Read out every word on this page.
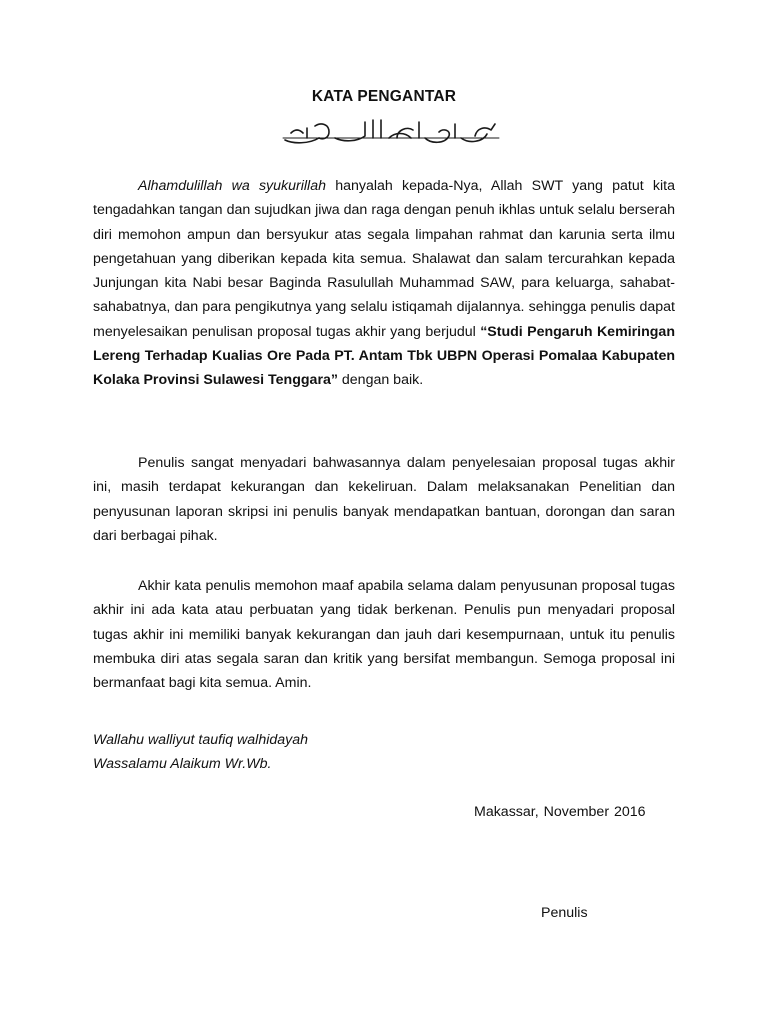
KATA PENGANTAR

Alhamdulillah wa syukurillah hanyalah kepada-Nya, Allah SWT yang patut kita tengadahkan tangan dan sujudkan jiwa dan raga dengan penuh ikhlas untuk selalu berserah diri memohon ampun dan bersyukur atas segala limpahan rahmat dan karunia serta ilmu pengetahuan yang diberikan kepada kita semua. Shalawat dan salam tercurahkan kepada Junjungan kita Nabi besar Baginda Rasulullah Muhammad SAW, para keluarga, sahabat-sahabatnya, dan para pengikutnya yang selalu istiqamah dijalannya. sehingga penulis dapat menyelesaikan penulisan proposal tugas akhir yang berjudul “Studi Pengaruh Kemiringan Lereng Terhadap Kualias Ore Pada PT. Antam Tbk UBPN Operasi Pomalaa Kabupaten Kolaka Provinsi Sulawesi Tenggara” dengan baik.

Penulis sangat menyadari bahwasannya dalam penyelesaian proposal tugas akhir ini, masih terdapat kekurangan dan kekeliruan. Dalam melaksanakan Penelitian dan penyusunan laporan skripsi ini penulis banyak mendapatkan bantuan, dorongan dan saran dari berbagai pihak.

Akhir kata penulis memohon maaf apabila selama dalam penyusunan proposal tugas akhir ini ada kata atau perbuatan yang tidak berkenan. Penulis pun menyadari proposal tugas akhir ini memiliki banyak kekurangan dan jauh dari kesempurnaan, untuk itu penulis membuka diri atas segala saran dan kritik yang bersifat membangun. Semoga proposal ini bermanfaat bagi kita semua. Amin.

Wallahu walliyut taufiq walhidayah
Wassalamu Alaikum Wr.Wb.
Makassar, November 2016
Penulis
